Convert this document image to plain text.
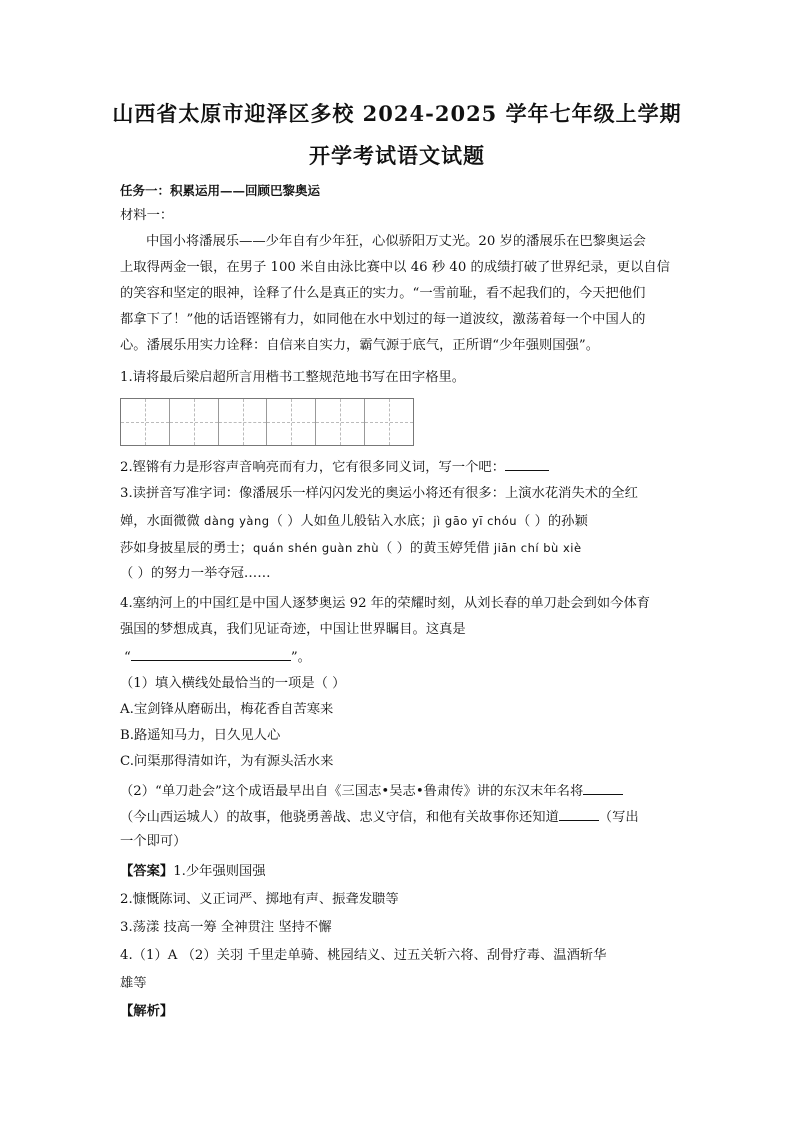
山西省太原市迎泽区多校 2024-2025 学年七年级上学期
开学考试语文试题
任务一：积累运用——回顾巴黎奥运
材料一：
中国小将潘展乐——少年自有少年狂，心似骄阳万丈光。20 岁的潘展乐在巴黎奥运会
上取得两金一银，在男子 100 米自由泳比赛中以 46 秒 40 的成绩打破了世界纪录，更以自信
的笑容和坚定的眼神，诠释了什么是真正的实力。“一雪前耻，看不起我们的，今天把他们
都拿下了！”他的话语铿锵有力，如同他在水中划过的每一道波纹，激荡着每一个中国人的
心。潘展乐用实力诠释：自信来自实力，霸气源于底气，正所谓“少年强则国强”。
1.请将最后梁启超所言用楷书工整规范地书写在田字格里。
2.铿锵有力是形容声音响亮而有力，它有很多同义词，写一个吧：
3.读拼音写准字词：像潘展乐一样闪闪发光的奥运小将还有很多：上演水花消失术的全红
婵，水面微微 dàng yàng（ ）人如鱼儿般钻入水底；jì gāo yī chóu（ ）的孙颖
莎如身披星辰的勇士；quán shén guàn zhù（ ）的黄玉婷凭借 jiān chí bù xiè
（ ）的努力一举夺冠……
4.塞纳河上的中国红是中国人逐梦奥运 92 年的荣耀时刻，从刘长春的单刀赴会到如今体育
强国的梦想成真，我们见证奇迹，中国让世界瞩目。这真是
“	”。
（1）填入横线处最恰当的一项是（ ）
A.宝剑锋从磨砺出，梅花香自苦寒来
B.路遥知马力，日久见人心
C.问渠那得清如许，为有源头活水来
（2）“单刀赴会”这个成语最早出自《三国志•吴志•鲁肃传》讲的东汉末年名将
（今山西运城人）的故事，他骁勇善战、忠义守信，和他有关故事你还知道	（写出
一个即可）
【答案】1.少年强则国强
2.慷慨陈词、义正词严、掷地有声、振聋发聩等
3.荡漾 技高一筹 全神贯注 坚持不懈
4.（1）A （2）关羽 千里走单骑、桃园结义、过五关斩六将、刮骨疗毒、温酒斩华
雄等
【解析】
